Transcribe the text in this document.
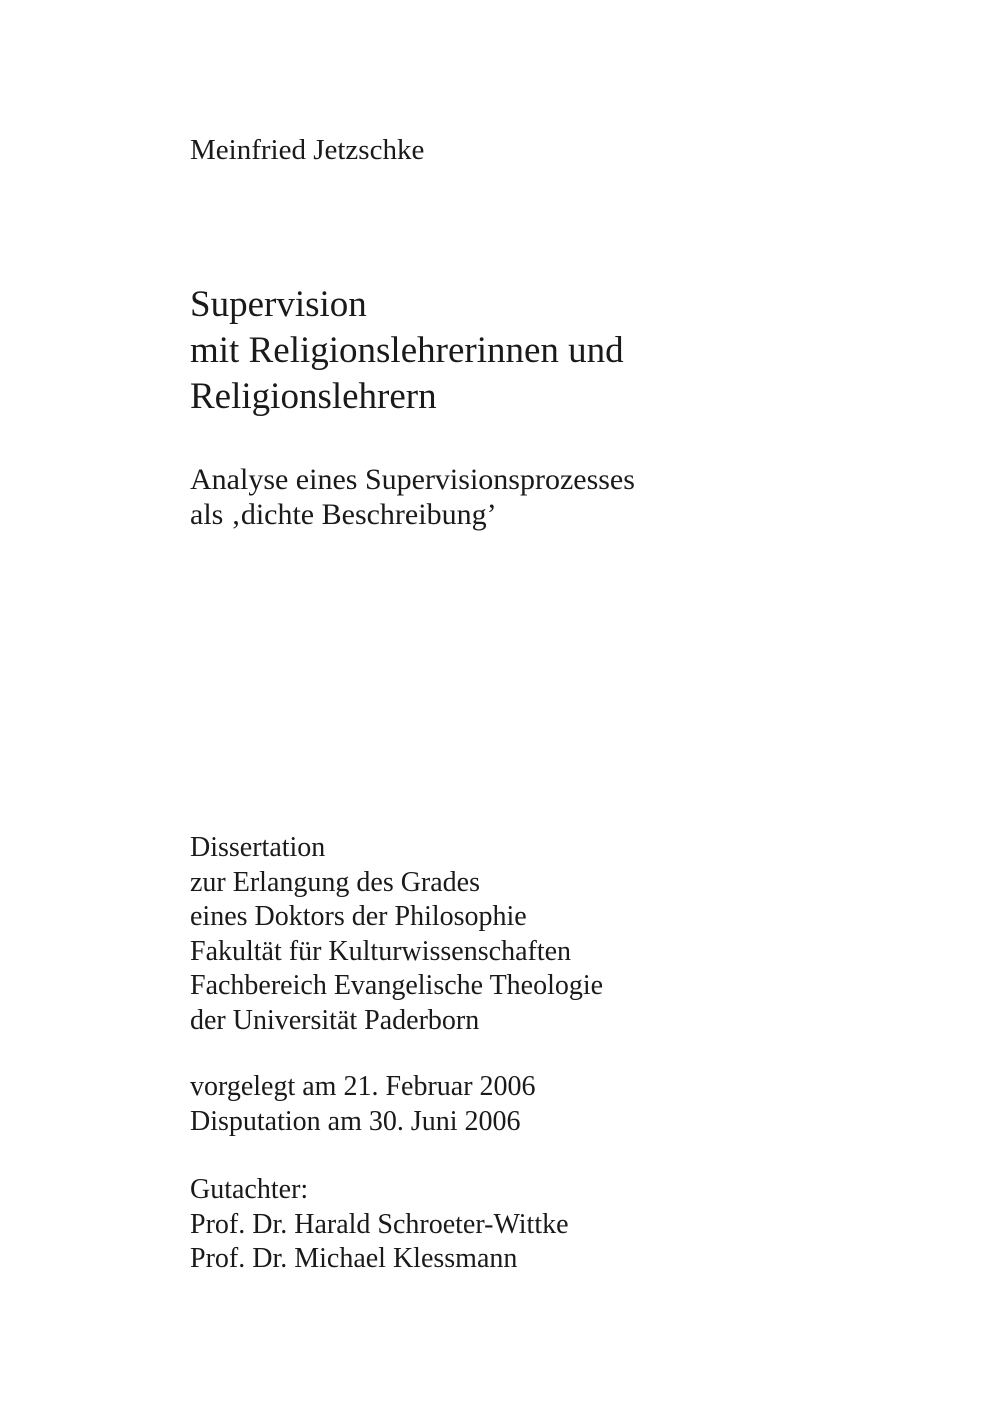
Meinfried Jetzschke

Supervision
mit Religionslehrerinnen und
Religionslehrern

Analyse eines Supervisionsprozesses
als ‚dichte Beschreibung’

Dissertation
zur Erlangung des Grades
eines Doktors der Philosophie
Fakultät für Kulturwissenschaften
Fachbereich Evangelische Theologie
der Universität Paderborn

vorgelegt am 21. Februar 2006
Disputation am 30. Juni 2006

Gutachter:
Prof. Dr. Harald Schroeter-Wittke
Prof. Dr. Michael Klessmann
